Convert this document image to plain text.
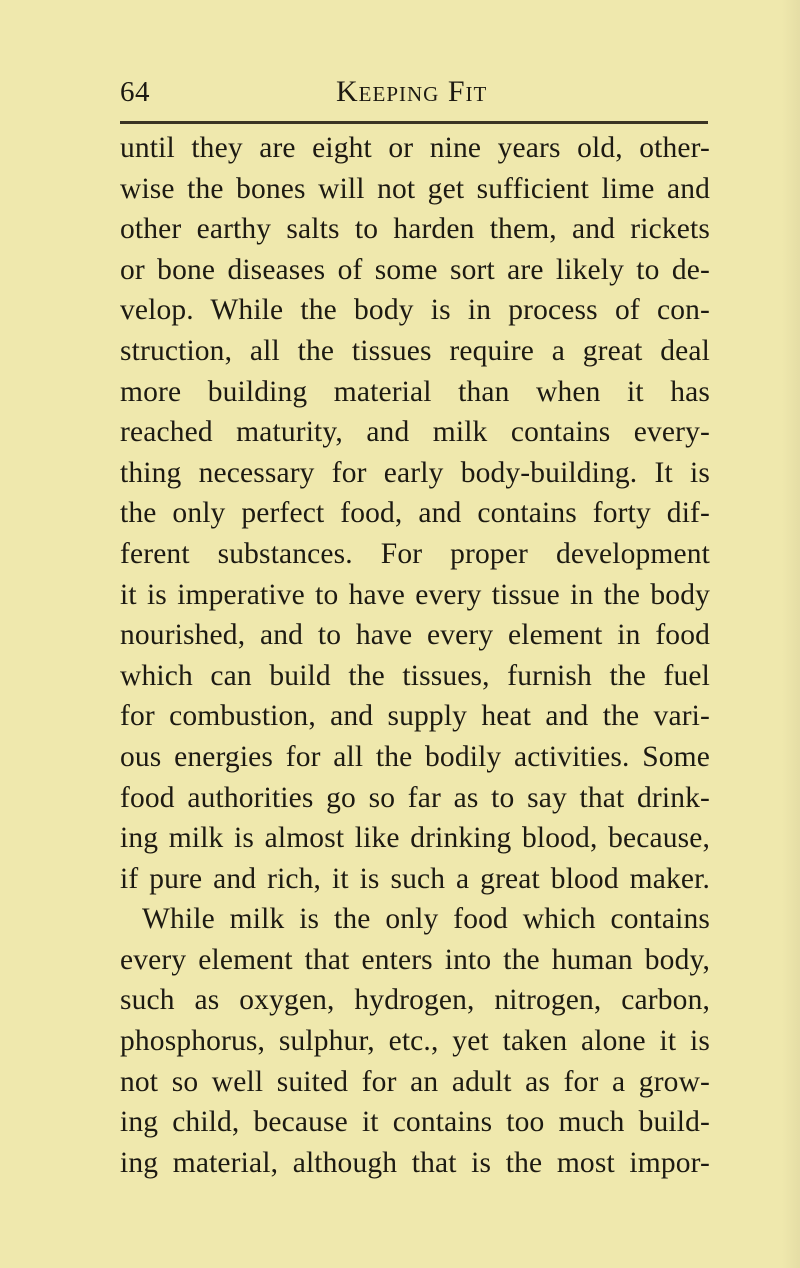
64	Keeping Fit
until they are eight or nine years old, other-
wise the bones will not get sufficient lime and
other earthy salts to harden them, and rickets
or bone diseases of some sort are likely to de-
velop. While the body is in process of con-
struction, all the tissues require a great deal
more building material than when it has
reached maturity, and milk contains every-
thing necessary for early body-building. It is
the only perfect food, and contains forty dif-
ferent substances. For proper development
it is imperative to have every tissue in the body
nourished, and to have every element in food
which can build the tissues, furnish the fuel
for combustion, and supply heat and the vari-
ous energies for all the bodily activities. Some
food authorities go so far as to say that drink-
ing milk is almost like drinking blood, because,
if pure and rich, it is such a great blood maker.
While milk is the only food which contains
every element that enters into the human body,
such as oxygen, hydrogen, nitrogen, carbon,
phosphorus, sulphur, etc., yet taken alone it is
not so well suited for an adult as for a grow-
ing child, because it contains too much build-
ing material, although that is the most impor-
